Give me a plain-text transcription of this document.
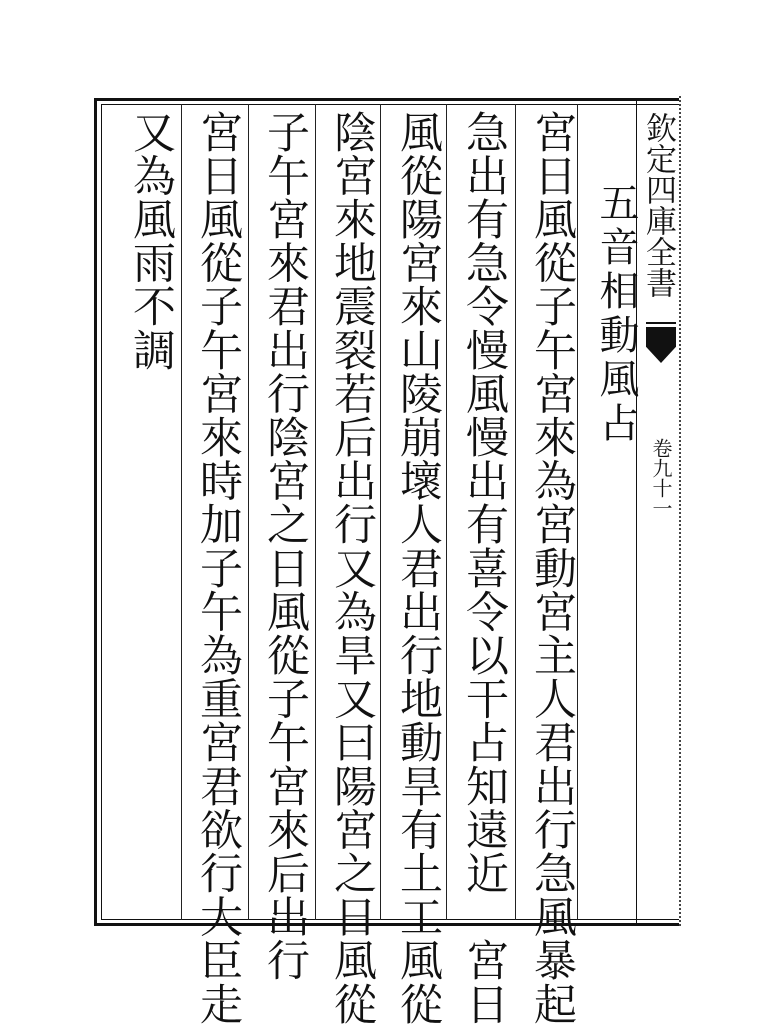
欽定四庫全書
卷九十一
五音相動風占
宮日風從子午宮來為宮動宮主人君出行急風暴起
急出有急令慢風慢出有喜令以干占知遠近　宮日
風從陽宮來山陵崩壞人君出行地動旱有土工風從
陰宮來地震裂若后出行又為旱又曰陽宮之日風從
子午宮來君出行陰宮之日風從子午宮來后出行
宮日風從子午宮來時加子午為重宮君欲行大臣走
又為風雨不調
